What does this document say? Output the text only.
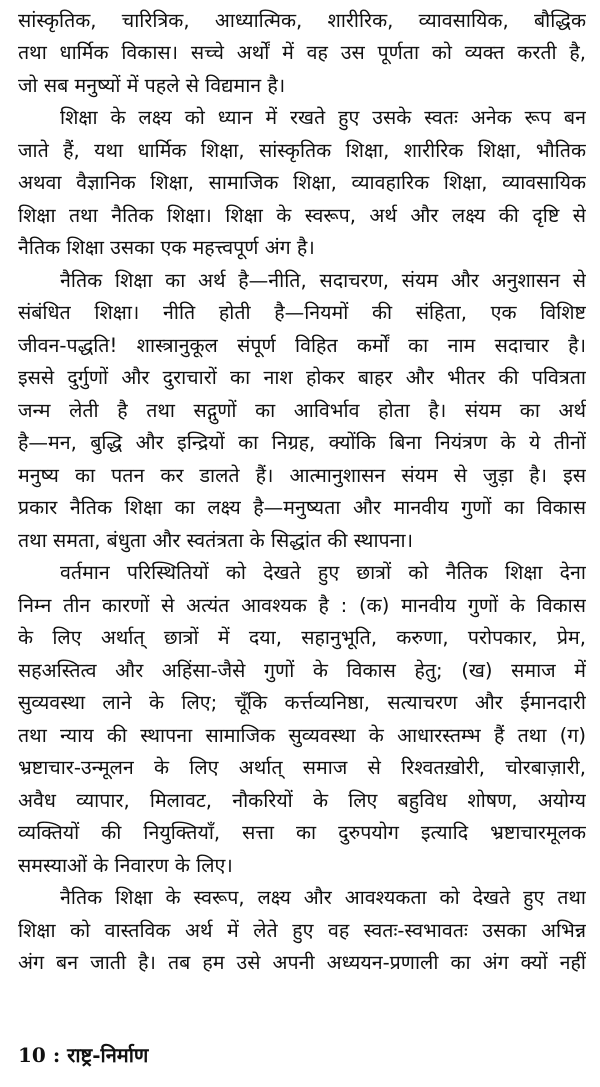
सांस्कृतिक, चारित्रिक, आध्यात्मिक, शारीरिक, व्यावसायिक, बौद्धिक
तथा धार्मिक विकास। सच्चे अर्थों में वह उस पूर्णता को व्यक्त करती है,
जो सब मनुष्यों में पहले से विद्यमान है।
शिक्षा के लक्ष्य को ध्यान में रखते हुए उसके स्वतः अनेक रूप बन
जाते हैं, यथा धार्मिक शिक्षा, सांस्कृतिक शिक्षा, शारीरिक शिक्षा, भौतिक
अथवा वैज्ञानिक शिक्षा, सामाजिक शिक्षा, व्यावहारिक शिक्षा, व्यावसायिक
शिक्षा तथा नैतिक शिक्षा। शिक्षा के स्वरूप, अर्थ और लक्ष्य की दृष्टि से
नैतिक शिक्षा उसका एक महत्त्वपूर्ण अंग है।
नैतिक शिक्षा का अर्थ है—नीति, सदाचरण, संयम और अनुशासन से
संबंधित शिक्षा। नीति होती है—नियमों की संहिता, एक विशिष्ट
जीवन-पद्धति! शास्त्रानुकूल संपूर्ण विहित कर्मों का नाम सदाचार है।
इससे दुर्गुणों और दुराचारों का नाश होकर बाहर और भीतर की पवित्रता
जन्म लेती है तथा सद्गुणों का आविर्भाव होता है। संयम का अर्थ
है—मन, बुद्धि और इन्द्रियों का निग्रह, क्योंकि बिना नियंत्रण के ये तीनों
मनुष्य का पतन कर डालते हैं। आत्मानुशासन संयम से जुड़ा है। इस
प्रकार नैतिक शिक्षा का लक्ष्य है—मनुष्यता और मानवीय गुणों का विकास
तथा समता, बंधुता और स्वतंत्रता के सिद्धांत की स्थापना।
वर्तमान परिस्थितियों को देखते हुए छात्रों को नैतिक शिक्षा देना
निम्न तीन कारणों से अत्यंत आवश्यक है : (क) मानवीय गुणों के विकास
के लिए अर्थात् छात्रों में दया, सहानुभूति, करुणा, परोपकार, प्रेम,
सहअस्तित्व और अहिंसा-जैसे गुणों के विकास हेतु; (ख) समाज में
सुव्यवस्था लाने के लिए; चूँकि कर्त्तव्यनिष्ठा, सत्याचरण और ईमानदारी
तथा न्याय की स्थापना सामाजिक सुव्यवस्था के आधारस्तम्भ हैं तथा (ग)
भ्रष्टाचार-उन्मूलन के लिए अर्थात् समाज से रिश्वतख़ोरी, चोरबाज़ारी,
अवैध व्यापार, मिलावट, नौकरियों के लिए बहुविध शोषण, अयोग्य
व्यक्तियों की नियुक्तियाँ, सत्ता का दुरुपयोग इत्यादि भ्रष्टाचारमूलक
समस्याओं के निवारण के लिए।
नैतिक शिक्षा के स्वरूप, लक्ष्य और आवश्यकता को देखते हुए तथा
शिक्षा को वास्तविक अर्थ में लेते हुए वह स्वतः-स्वभावतः उसका अभिन्न
अंग बन जाती है। तब हम उसे अपनी अध्ययन-प्रणाली का अंग क्यों नहीं
10 : राष्ट्र-निर्माण
